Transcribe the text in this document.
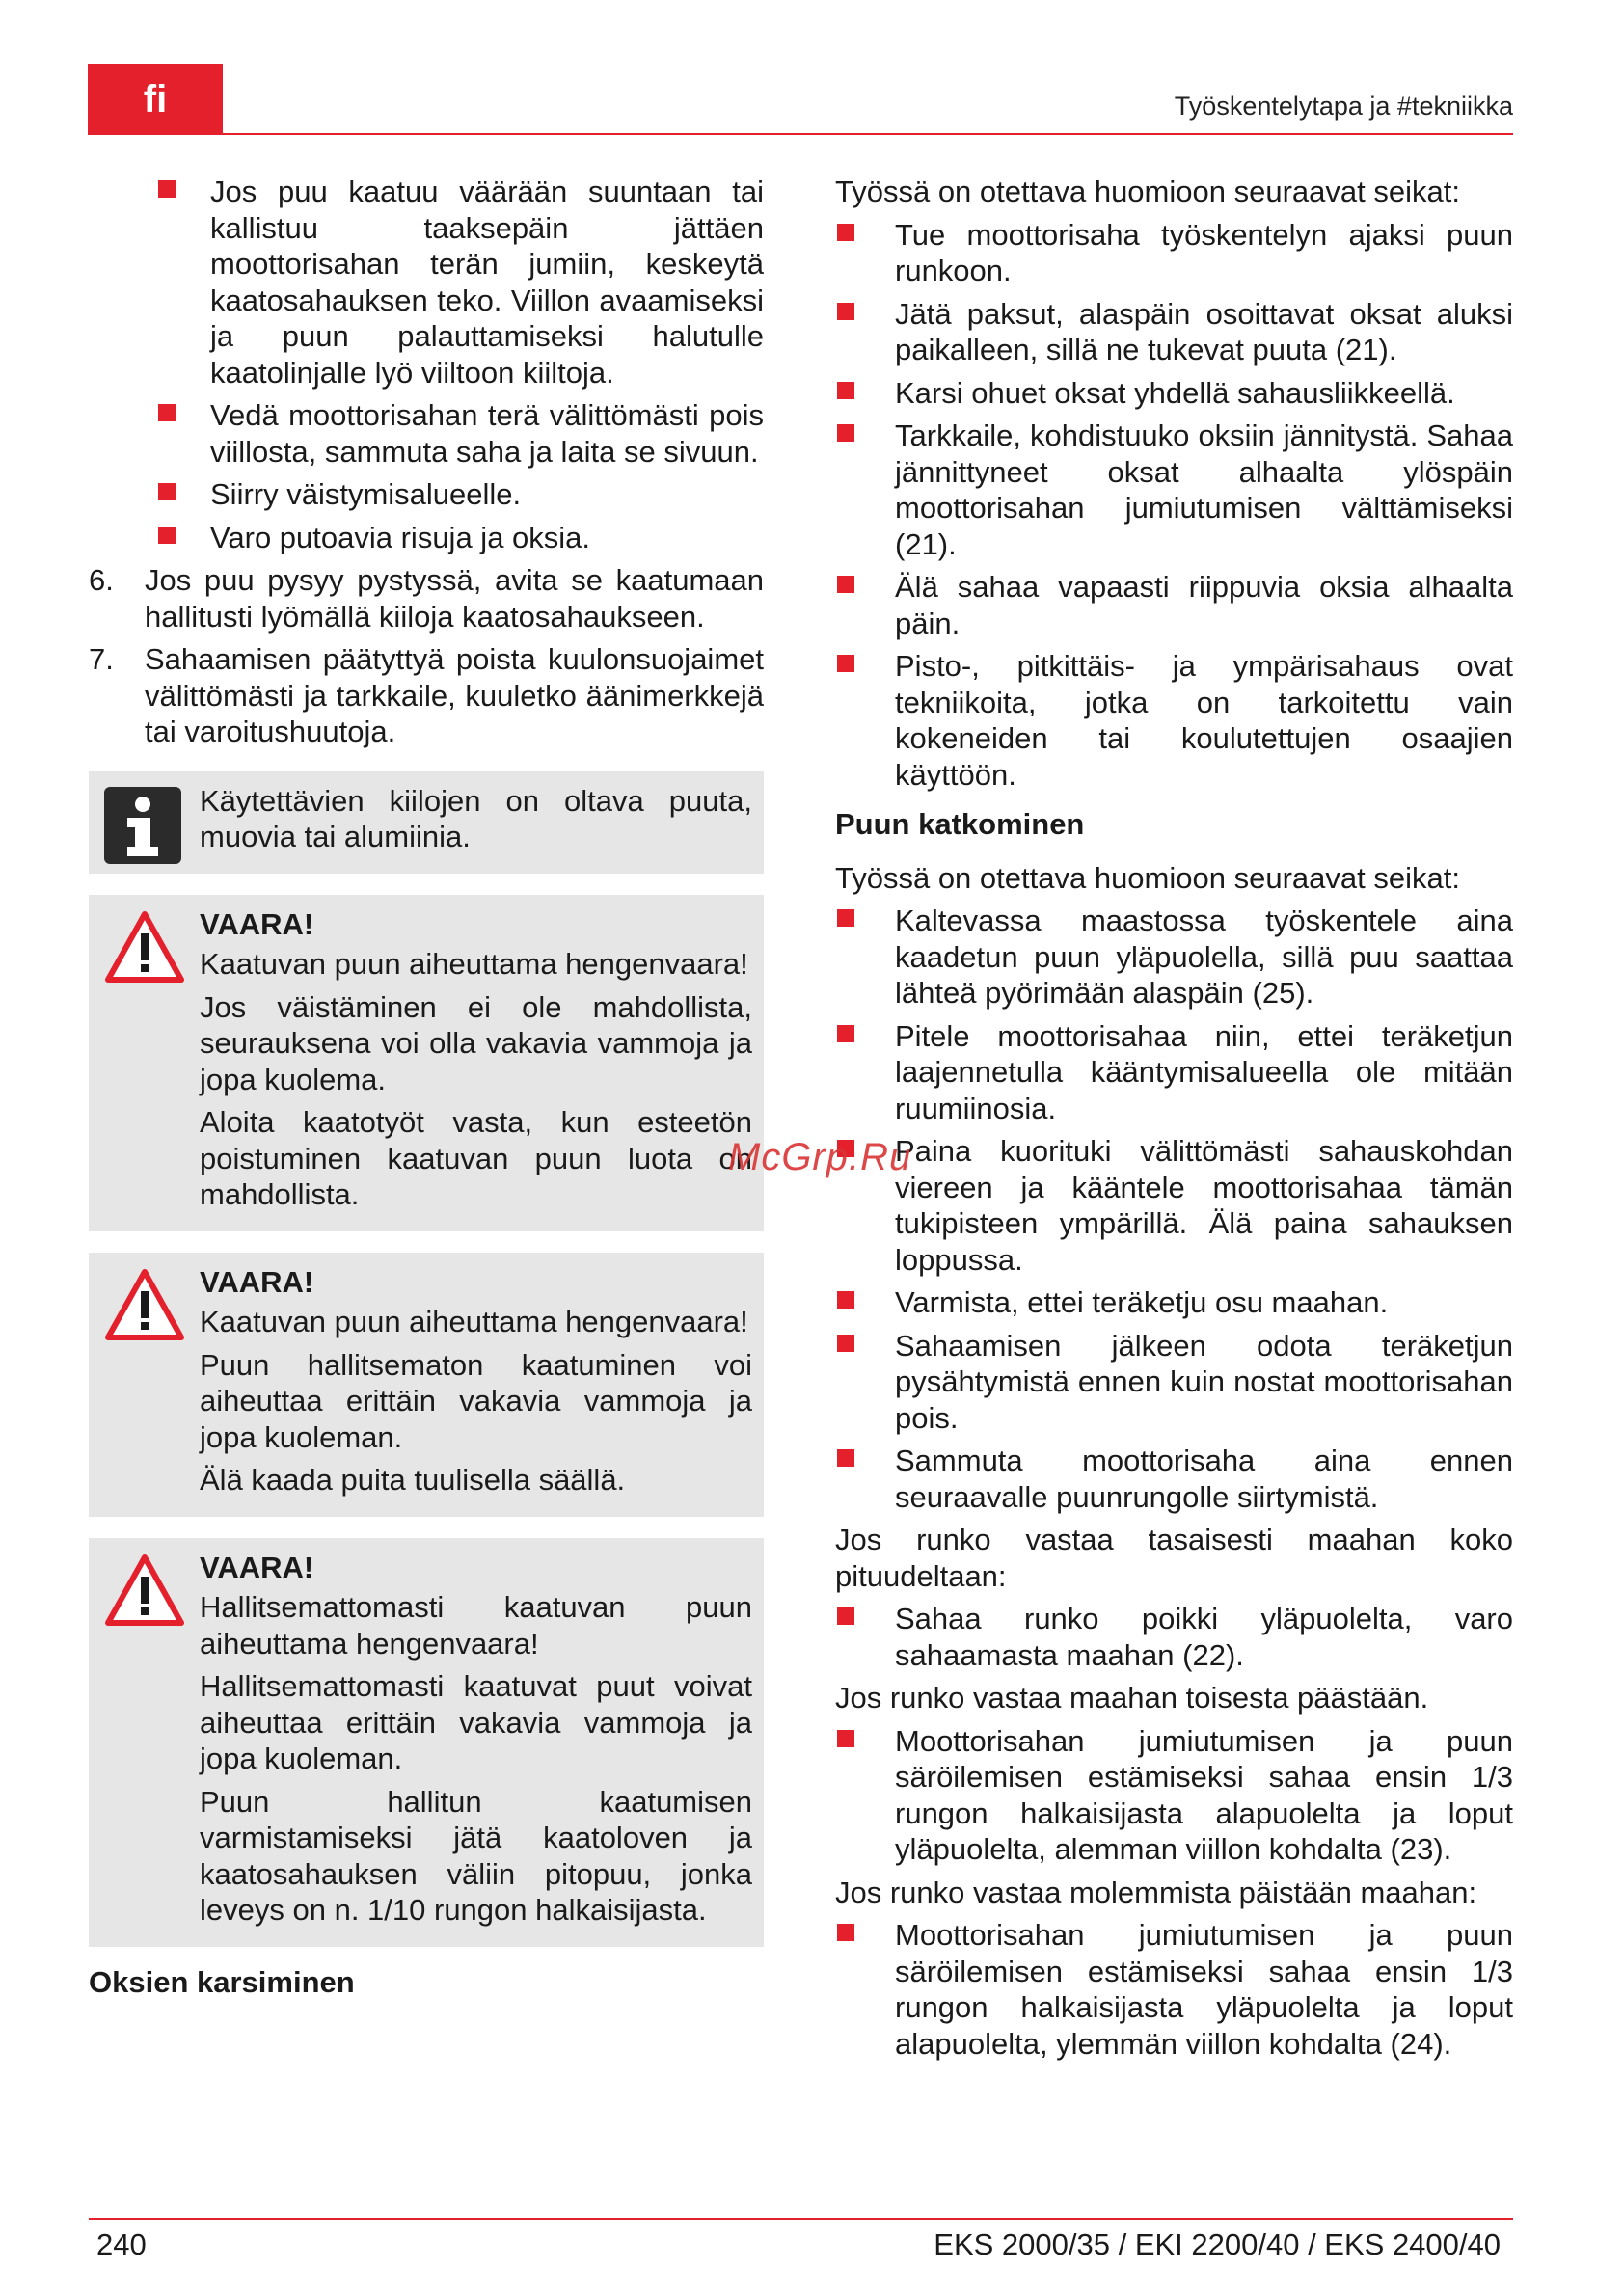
fi	Työskentelytapa ja #tekniikka
Jos puu kaatuu väärään suuntaan tai kallistuu taaksepäin jättäen moottorisahan terän jumiin, keskeytä kaatosahauksen teko. Viillon avaamiseksi ja puun palauttamiseksi halutulle kaatolinjalle lyö viiltoon kiiltoja.
Vedä moottorisahan terä välittömästi pois viillosta, sammuta saha ja laita se sivuun.
Siirry väistymisalueelle.
Varo putoavia risuja ja oksia.
6. Jos puu pysyy pystyssä, avita se kaatumaan hallitusti lyömällä kiiloja kaatosahaukseen.
7. Sahaamisen päätyttyä poista kuulonsuojaimet välittömästi ja tarkkaile, kuuletko äänimerkkejä tai varoitushuutoja.

Käytettävien kiilojen on oltava puuta, muovia tai alumiinia.

VAARA!

Kaatuvan puun aiheuttama hengenvaara!

Jos väistäminen ei ole mahdollista, seurauksena voi olla vakavia vammoja ja jopa kuolema.

Aloita kaatotyöt vasta, kun esteetön poistuminen kaatuvan puun luota on mahdollista.

VAARA!

Kaatuvan puun aiheuttama hengenvaara!

Puun hallitsematon kaatuminen voi aiheuttaa erittäin vakavia vammoja ja jopa kuoleman.

Älä kaada puita tuulisella säällä.

VAARA!

Hallitsemattomasti kaatuvan puun aiheuttama hengenvaara!

Hallitsemattomasti kaatuvat puut voivat aiheuttaa erittäin vakavia vammoja ja jopa kuoleman.

Puun hallitun kaatumisen varmistamiseksi jätä kaatoloven ja kaatosahauksen väliin pitopuu, jonka leveys on n. 1/10 rungon halkaisijasta.

Oksien karsiminen

Työssä on otettava huomioon seuraavat seikat:

Tue moottorisaha työskentelyn ajaksi puun runkoon.
Jätä paksut, alaspäin osoittavat oksat aluksi paikalleen, sillä ne tukevat puuta (21).
Karsi ohuet oksat yhdellä sahausliikkeellä.
Tarkkaile, kohdistuuko oksiin jännitystä. Sahaa jännittyneet oksat alhaalta ylöspäin moottorisahan jumiutumisen välttämiseksi (21).
Älä sahaa vapaasti riippuvia oksia alhaalta päin.
Pisto-, pitkittäis- ja ympärisahaus ovat tekniikoita, jotka on tarkoitettu vain kokeneiden tai koulutettujen osaajien käyttöön.
Puun katkominen

Työssä on otettava huomioon seuraavat seikat:

Kaltevassa maastossa työskentele aina kaadetun puun yläpuolella, sillä puu saattaa lähteä pyörimään alaspäin (25).
Pitele moottorisahaa niin, ettei teräketjun laajennetulla kääntymisalueella ole mitään ruumiinosia.
Paina kuorituki välittömästi sahauskohdan viereen ja kääntele moottorisahaa tämän tukipisteen ympärillä. Älä paina sahauksen loppussa.
Varmista, ettei teräketju osu maahan.
Sahaamisen jälkeen odota teräketjun pysähtymistä ennen kuin nostat moottorisahan pois.
Sammuta moottorisaha aina ennen seuraavalle puunrungolle siirtymistä.

Jos runko vastaa tasaisesti maahan koko pituudeltaan:

Sahaa runko poikki yläpuolelta, varo sahaamasta maahan (22).

Jos runko vastaa maahan toisesta päästään.

Moottorisahan jumiutumisen ja puun säröilemisen estämiseksi sahaa ensin 1/3 rungon halkaisijasta alapuolelta ja loput yläpuolelta, alemman viillon kohdalta (23).

Jos runko vastaa molemmista päistään maahan:

Moottorisahan jumiutumisen ja puun säröilemisen estämiseksi sahaa ensin 1/3 rungon halkaisijasta yläpuolelta ja loput alapuolelta, ylemmän viillon kohdalta (24).
McGrp.Ru
240	EKS 2000/35 / EKI 2200/40 / EKS 2400/40
